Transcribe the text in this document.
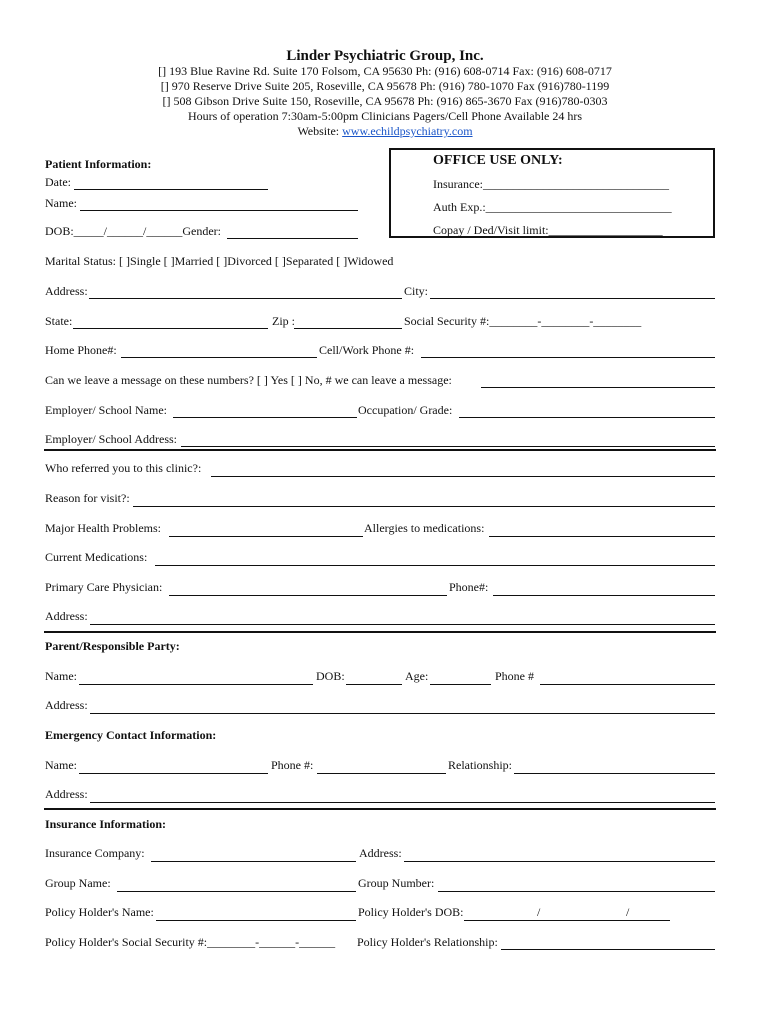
Linder Psychiatric Group, Inc.
[] 193 Blue Ravine Rd. Suite 170 Folsom, CA 95630 Ph: (916) 608-0714 Fax: (916) 608-0717
[] 970 Reserve Drive Suite 205, Roseville, CA 95678 Ph: (916) 780-1070 Fax (916)780-1199
[] 508 Gibson Drive Suite 150, Roseville, CA 95678 Ph: (916) 865-3670 Fax (916)780-0303
Hours of operation 7:30am-5:00pm Clinicians Pagers/Cell Phone Available 24 hrs
Website: www.echildpsychiatry.com
OFFICE USE ONLY:
Insurance:_______________________________
Auth Exp.:_______________________________
Copay / Ded/Visit limit:___________________
Patient Information:
Date:
Name:
DOB:_____/______/______Gender:
Marital Status: [ ]Single [ ]Married [ ]Divorced [ ]Separated [ ]Widowed
Address:	City:
State:	Zip :	Social Security #:________-________-________
Home Phone#:	Cell/Work Phone #:
Can we leave a message on these numbers? [ ] Yes [ ] No, # we can leave a message:
Employer/ School Name:	Occupation/ Grade:
Employer/ School Address:
Who referred you to this clinic?:
Reason for visit?:
Major Health Problems:	Allergies to medications:
Current Medications:
Primary Care Physician:	Phone#:
Address:
Parent/Responsible Party:
Name:	DOB:	Age:	Phone #
Address:
Emergency Contact Information:
Name:	Phone #:	Relationship:
Address:
Insurance Information:
Insurance Company:	Address:
Group Name:	Group Number:
Policy Holder's Name:	Policy Holder's DOB:	/	/
Policy Holder's Social Security #:________-______-______ Policy Holder's Relationship:
